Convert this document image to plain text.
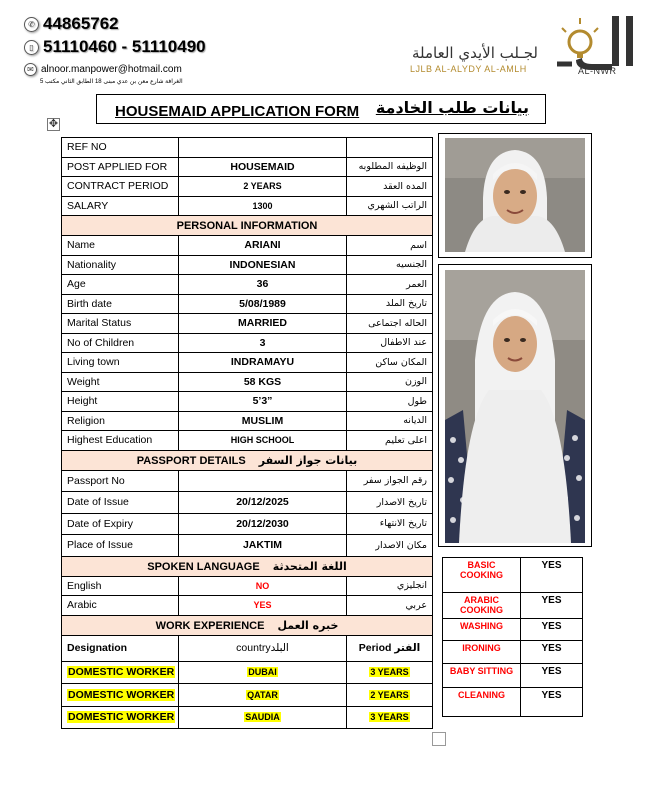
✆ 44865762
▯ 51110460 - 51110490
✉ alnoor.manpower@hotmail.com
الغرافة شارع معن بن عدي مبنى 18 الطابق الثاني مكتب 5
لجـلب الأيدي العاملة
LJLB AL-ALYDY AL-AMLH	AL-NWR
HOUSEMAID APPLICATION FORM بيانات طلب الخادمة
✥
REF NO		
POST APPLIED FOR	HOUSEMAID	الوظيفه المطلوبه
CONTRACT PERIOD	2 YEARS	المده العقد
SALARY	1300	الراتب الشهري
PERSONAL INFORMATION		
Name	ARIANI	اسم
Nationality	INDONESIAN	الجنسيه
Age	36	العمر
Birth date	5/08/1989	تاريخ الملد
Marital Status	MARRIED	الحاله اجتماعى
No of Children	3	عند الاطفال
Living town	INDRAMAYU	المكان ساكن
Weight	58 KGS	الوزن
Height	5’3”	طول
Religion	MUSLIM	الديانه
Highest Education	HIGH SCHOOL	اعلى تعليم
PASSPORT DETAILS بيانات جواز السفر		
Passport No		رقم الجواز سفر
Date of Issue	20/12/2025	تاريخ الاصدار
Date of Expiry	20/12/2030	تاريخ الانتهاء
Place of Issue	JAKTIM	مكان الاصدار
SPOKEN LANGUAGE اللغة المتحدثة		
English	NO	انجليزي
Arabic	YES	عربي
WORK EXPERIENCE خبره العمل		
Designation	countryالبلد	Period الفتر
DOMESTIC WORKER	DUBAI	3 YEARS
DOMESTIC WORKER	QATAR	2 YEARS
DOMESTIC WORKER	SAUDIA	3 YEARS
BASIC COOKING	YES
ARABIC COOKING	YES
WASHING	YES
IRONING	YES
BABY SITTING	YES
CLEANING	YES
